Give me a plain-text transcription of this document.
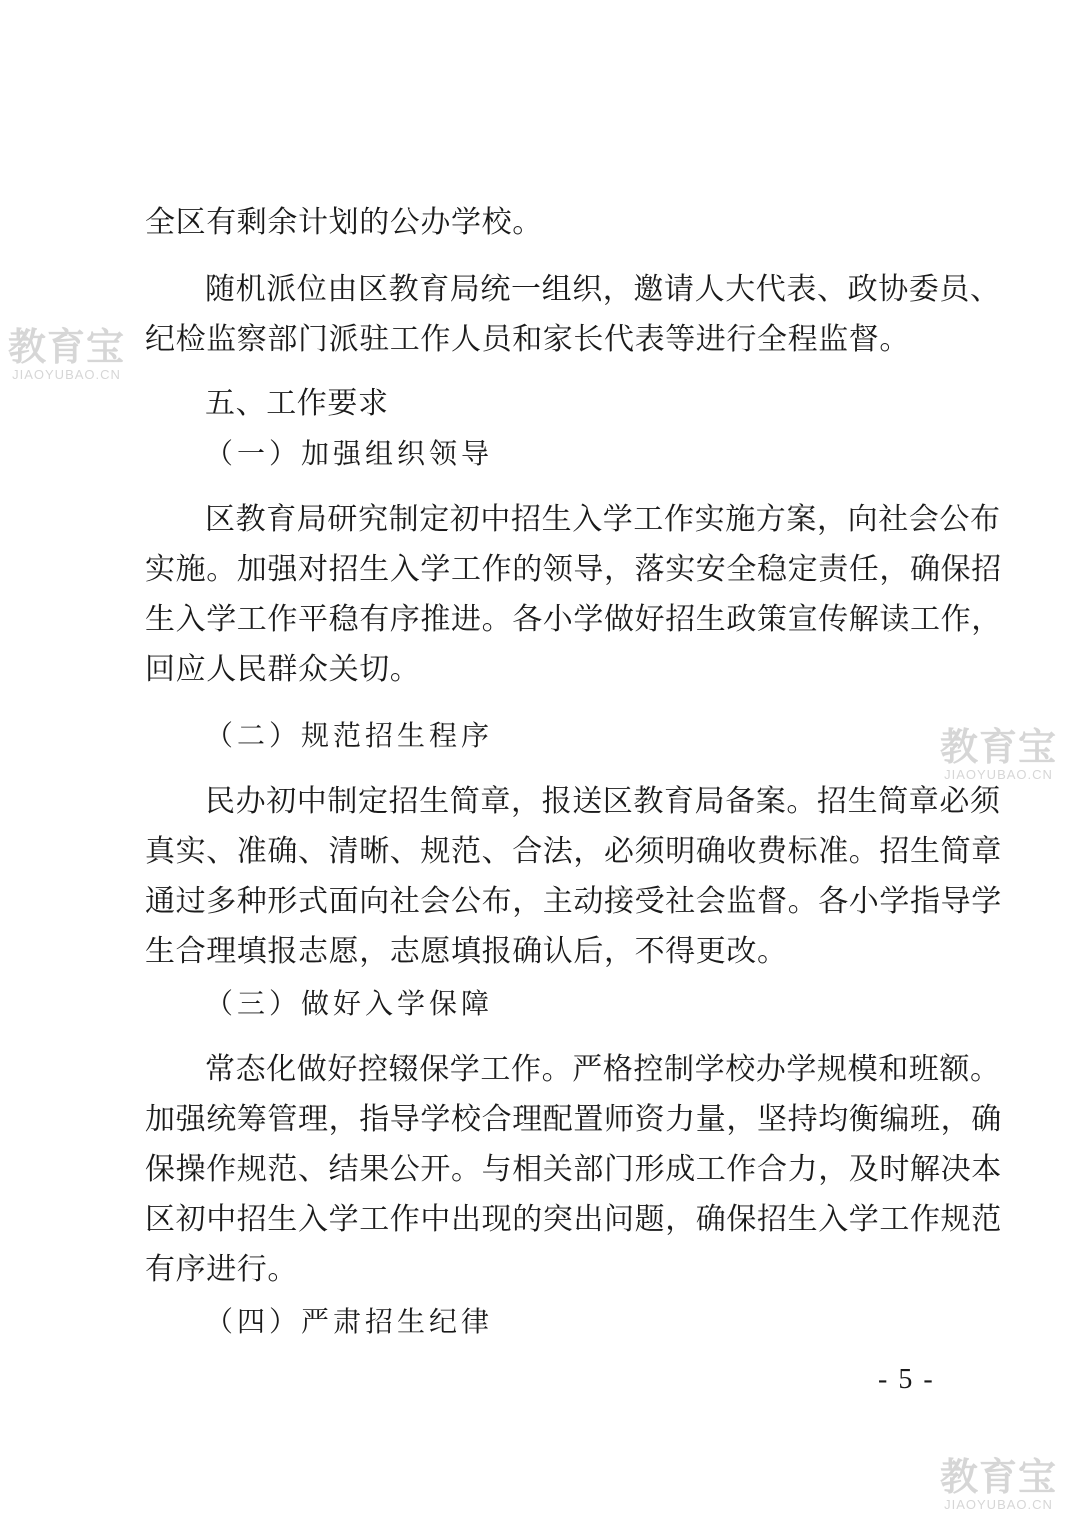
教育宝
JIAOYUBAO.CN
教育宝
JIAOYUBAO.CN
教育宝
JIAOYUBAO.CN
全区有剩余计划的公办学校。
随机派位由区教育局统一组织，邀请人大代表、政协委员、
纪检监察部门派驻工作人员和家长代表等进行全程监督。
五、工作要求
（一）加强组织领导
区教育局研究制定初中招生入学工作实施方案，向社会公布
实施。加强对招生入学工作的领导，落实安全稳定责任，确保招
生入学工作平稳有序推进。各小学做好招生政策宣传解读工作，
回应人民群众关切。
（二）规范招生程序
民办初中制定招生简章，报送区教育局备案。招生简章必须
真实、准确、清晰、规范、合法，必须明确收费标准。招生简章
通过多种形式面向社会公布，主动接受社会监督。各小学指导学
生合理填报志愿，志愿填报确认后，不得更改。
（三）做好入学保障
常态化做好控辍保学工作。严格控制学校办学规模和班额。
加强统筹管理，指导学校合理配置师资力量，坚持均衡编班，确
保操作规范、结果公开。与相关部门形成工作合力，及时解决本
区初中招生入学工作中出现的突出问题，确保招生入学工作规范
有序进行。
（四）严肃招生纪律
- 5 -
